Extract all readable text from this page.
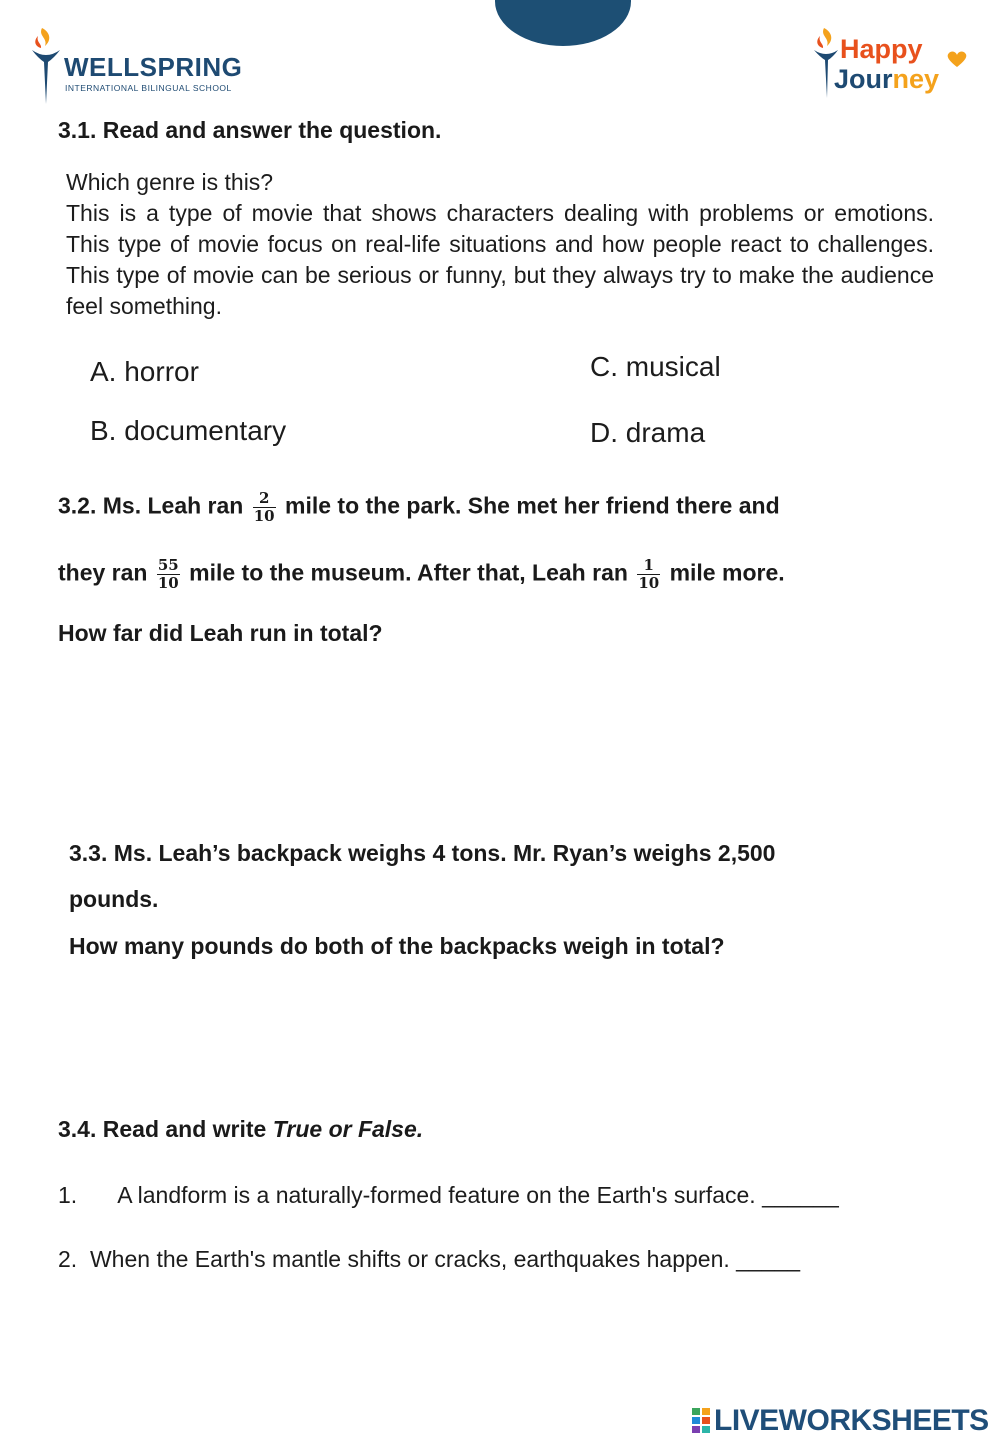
WELLSPRING
INTERNATIONAL BILINGUAL SCHOOL
Happy
Journey
3.1. Read and answer the question.
Which genre is this?
This is a type of movie that shows characters dealing with problems or emotions. This type of movie focus on real-life situations and how people react to challenges. This type of movie can be serious or funny, but they always try to make the audience feel something.
A. horror
B. documentary
C. musical
D. drama
3.2. Ms. Leah ran $\frac{2}{10}$ mile to the park. She met her friend there and
they ran $\frac{55}{10}$ mile to the museum. After that, Leah ran $\frac{1}{10}$ mile more.
How far did Leah run in total?
3.3. Ms. Leah’s backpack weighs 4 tons. Mr. Ryan’s weighs 2,500
pounds.
How many pounds do both of the backpacks weigh in total?
3.4. Read and write True or False.
1. A landform is a naturally-formed feature on the Earth's surface. ______
2. When the Earth's mantle shifts or cracks, earthquakes happen. _____
LIVEWORKSHEETS
